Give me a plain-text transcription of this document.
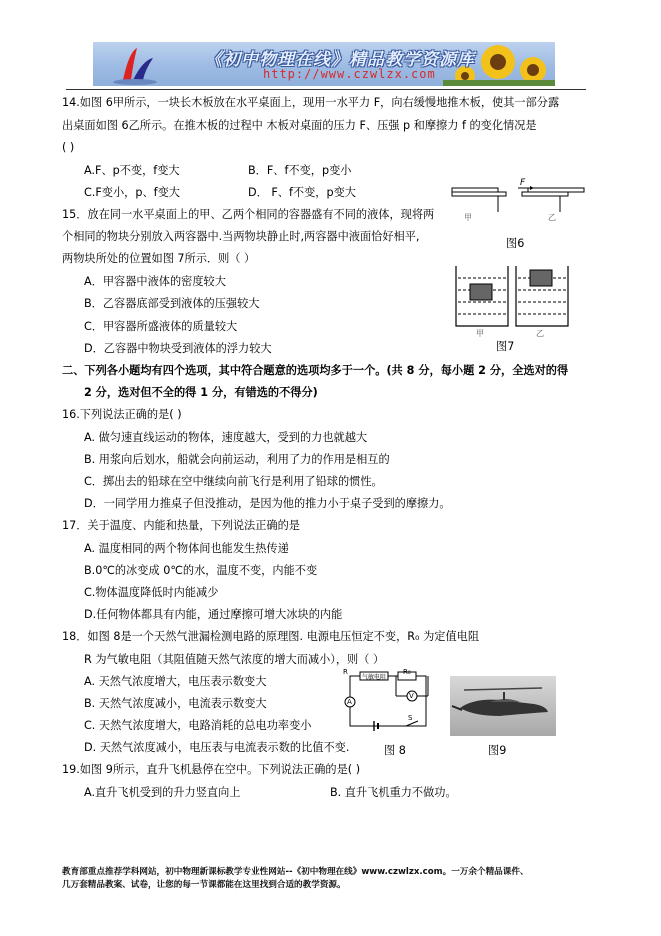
《初中物理在线》精品教学资源库
http://www.czwlzx.com
14.如图 6甲所示，一块长木板放在水平桌面上，现用一水平力 F，向右缓慢地推木板，使其一部分露
出桌面如图 6乙所示。在推木板的过程中 木板对桌面的压力 F、压强 p 和摩擦力 f 的变化情况是
( )
A.F、p不变，f变大	B．F、f不变，p变小
C.F变小，p、f变大	D． F、f不变，p变大
15．放在同一水平桌面上的甲、乙两个相同的容器盛有不同的液体，现将两
个相同的物块分别放入两容器中.当两物块静止时,两容器中液面恰好相平,
两物块所处的位置如图 7所示．则（ ）
A．甲容器中液体的密度较大
B．乙容器底部受到液体的压强较大
C．甲容器所盛液体的质量较大
D．乙容器中物块受到液体的浮力较大
二、下列各小题均有四个选项，其中符合题意的选项均多于一个。(共 8 分，每小题 2 分，全选对的得
2 分，选对但不全的得 1 分，有错选的不得分)
16.下列说法正确的是( )
A. 做匀速直线运动的物体，速度越大，受到的力也就越大
B. 用浆向后划水，船就会向前运动，利用了力的作用是相互的
C．掷出去的铅球在空中继续向前飞行是利用了铅球的惯性。
D．一同学用力推桌子但没推动，是因为他的推力小于桌子受到的摩擦力。
17．关于温度、内能和热量，下列说法正确的是
A. 温度相同的两个物体间也能发生热传递
B.0℃的冰变成 0℃的水，温度不变，内能不变
C.物体温度降低时内能减少
D.任何物体都具有内能，通过摩擦可增大冰块的内能
18．如图 8是一个天然气泄漏检测电路的原理图. 电源电压恒定不变，R₀ 为定值电阻
R 为气敏电阻（其阻值随天然气浓度的增大而减小），则（ ）
A. 天然气浓度增大，电压表示数变大
B. 天然气浓度减小，电流表示数变大
C. 天然气浓度增大，电路消耗的总电功率变小
D. 天然气浓度减小，电压表与电流表示数的比值不变.
19.如图 9所示，直升飞机悬停在空中。下列说法正确的是( )
A.直升飞机受到的升力竖直向上	B. 直升飞机重力不做功。
甲	乙
F
图6
甲	乙
图7
R
气敏电阻
R₀
A
V
S
图 8	图9
教育部重点推荐学科网站，初中物理新课标教学专业性网站--《初中物理在线》www.czwlzx.com。一万余个精品课件、
几万套精品教案、试卷，让您的每一节课都能在这里找到合适的教学资源。
